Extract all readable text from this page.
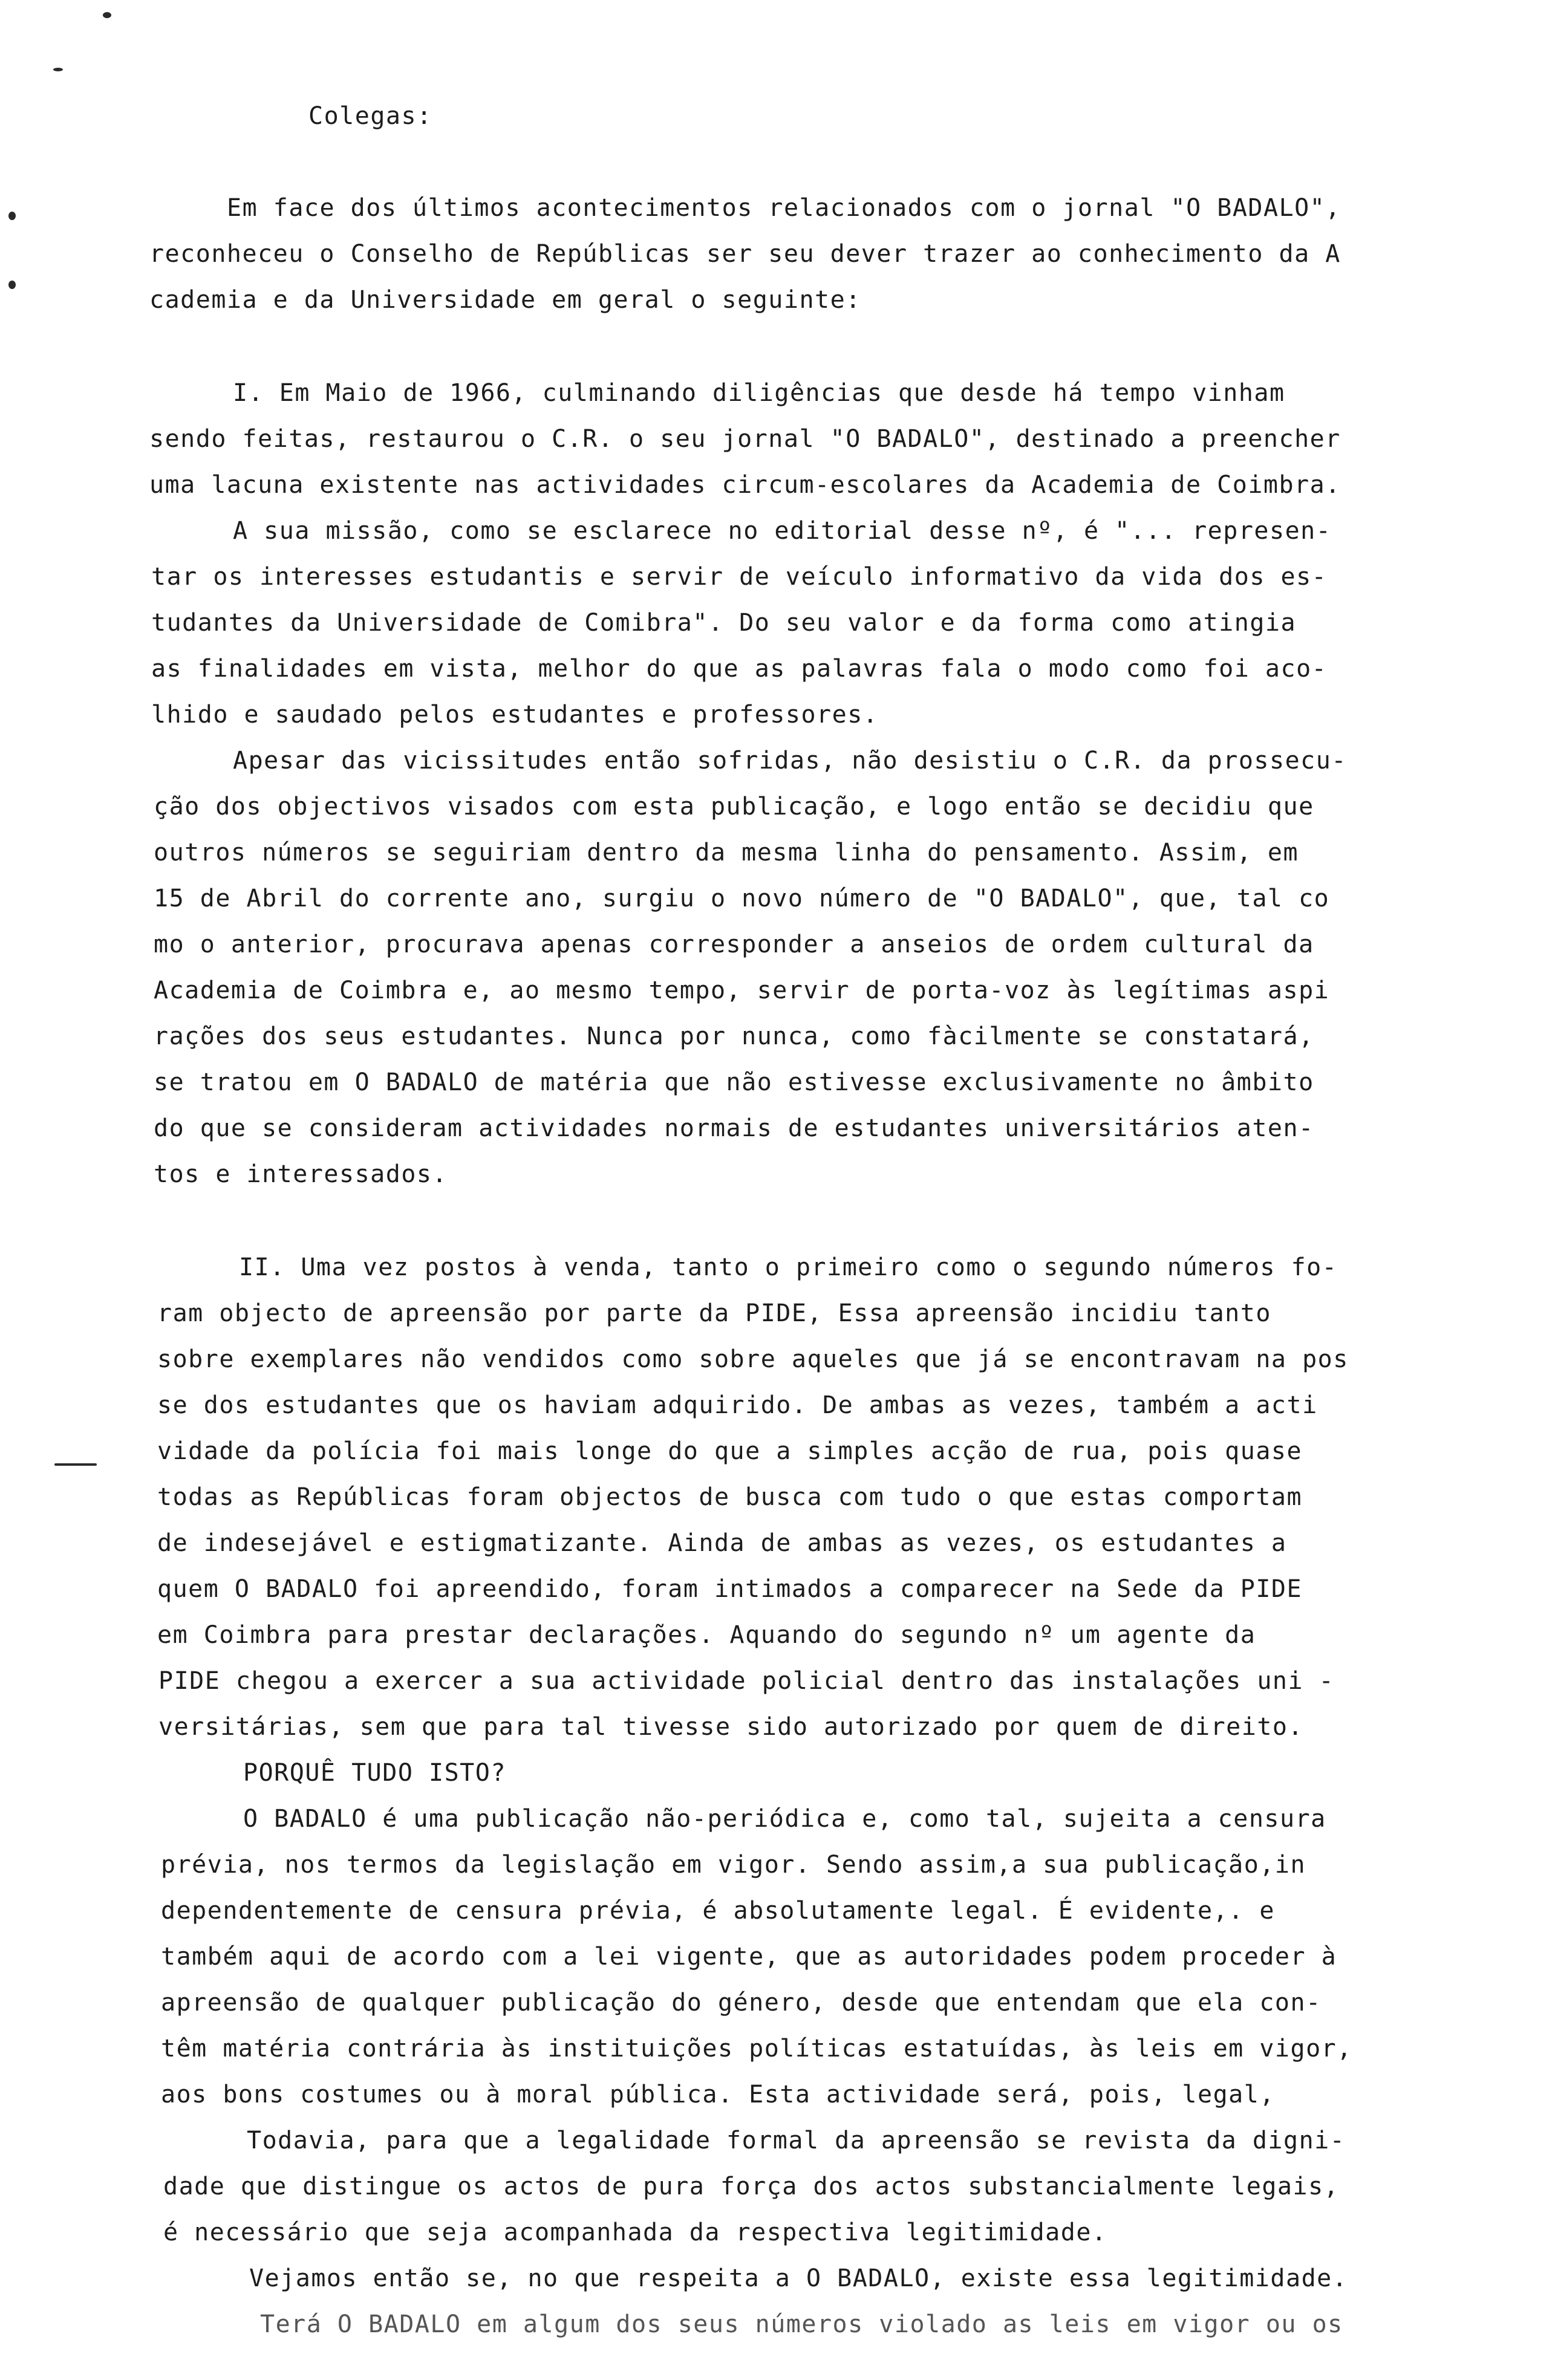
Colegas:

Em face dos últimos acontecimentos relacionados com o jornal "O BADALO",

reconheceu o Conselho de Repúblicas ser seu dever trazer ao conhecimento da A

cademia e da Universidade em geral o seguinte:

I. Em Maio de 1966, culminando diligências que desde há tempo vinham

sendo feitas, restaurou o C.R. o seu jornal "O BADALO", destinado a preencher

uma lacuna existente nas actividades circum-escolares da Academia de Coimbra.

A sua missão, como se esclarece no editorial desse nº, é "... represen-

tar os interesses estudantis e servir de veículo informativo da vida dos es-

tudantes da Universidade de Comibra". Do seu valor e da forma como atingia

as finalidades em vista, melhor do que as palavras fala o modo como foi aco-

lhido e saudado pelos estudantes e professores.

Apesar das vicissitudes então sofridas, não desistiu o C.R. da prossecu-

ção dos objectivos visados com esta publicação, e logo então se decidiu que

outros números se seguiriam dentro da mesma linha do pensamento. Assim, em

15 de Abril do corrente ano, surgiu o novo número de "O BADALO", que, tal co

mo o anterior, procurava apenas corresponder a anseios de ordem cultural da

Academia de Coimbra e, ao mesmo tempo, servir de porta-voz às legítimas aspi

rações dos seus estudantes. Nunca por nunca, como fàcilmente se constatará,

se tratou em O BADALO de matéria que não estivesse exclusivamente no âmbito

do que se consideram actividades normais de estudantes universitários aten-

tos e interessados.

II. Uma vez postos à venda, tanto o primeiro como o segundo números fo-

ram objecto de apreensão por parte da PIDE, Essa apreensão incidiu tanto

sobre exemplares não vendidos como sobre aqueles que já se encontravam na pos

se dos estudantes que os haviam adquirido. De ambas as vezes, também a acti

vidade da polícia foi mais longe do que a simples acção de rua, pois quase

todas as Repúblicas foram objectos de busca com tudo o que estas comportam

de indesejável e estigmatizante. Ainda de ambas as vezes, os estudantes a

quem O BADALO foi apreendido, foram intimados a comparecer na Sede da PIDE

em Coimbra para prestar declarações. Aquando do segundo nº um agente da

PIDE chegou a exercer a sua actividade policial dentro das instalações uni -

versitárias, sem que para tal tivesse sido autorizado por quem de direito.

PORQUÊ TUDO ISTO?

O BADALO é uma publicação não-periódica e, como tal, sujeita a censura

prévia, nos termos da legislação em vigor. Sendo assim,a sua publicação,in

dependentemente de censura prévia, é absolutamente legal. É evidente,. e

também aqui de acordo com a lei vigente, que as autoridades podem proceder à

apreensão de qualquer publicação do género, desde que entendam que ela con-

têm matéria contrária às instituições políticas estatuídas, às leis em vigor,

aos bons costumes ou à moral pública. Esta actividade será, pois, legal,

Todavia, para que a legalidade formal da apreensão se revista da digni-

dade que distingue os actos de pura força dos actos substancialmente legais,

é necessário que seja acompanhada da respectiva legitimidade.

Vejamos então se, no que respeita a O BADALO, existe essa legitimidade.

Terá O BADALO em algum dos seus números violado as leis em vigor ou os
